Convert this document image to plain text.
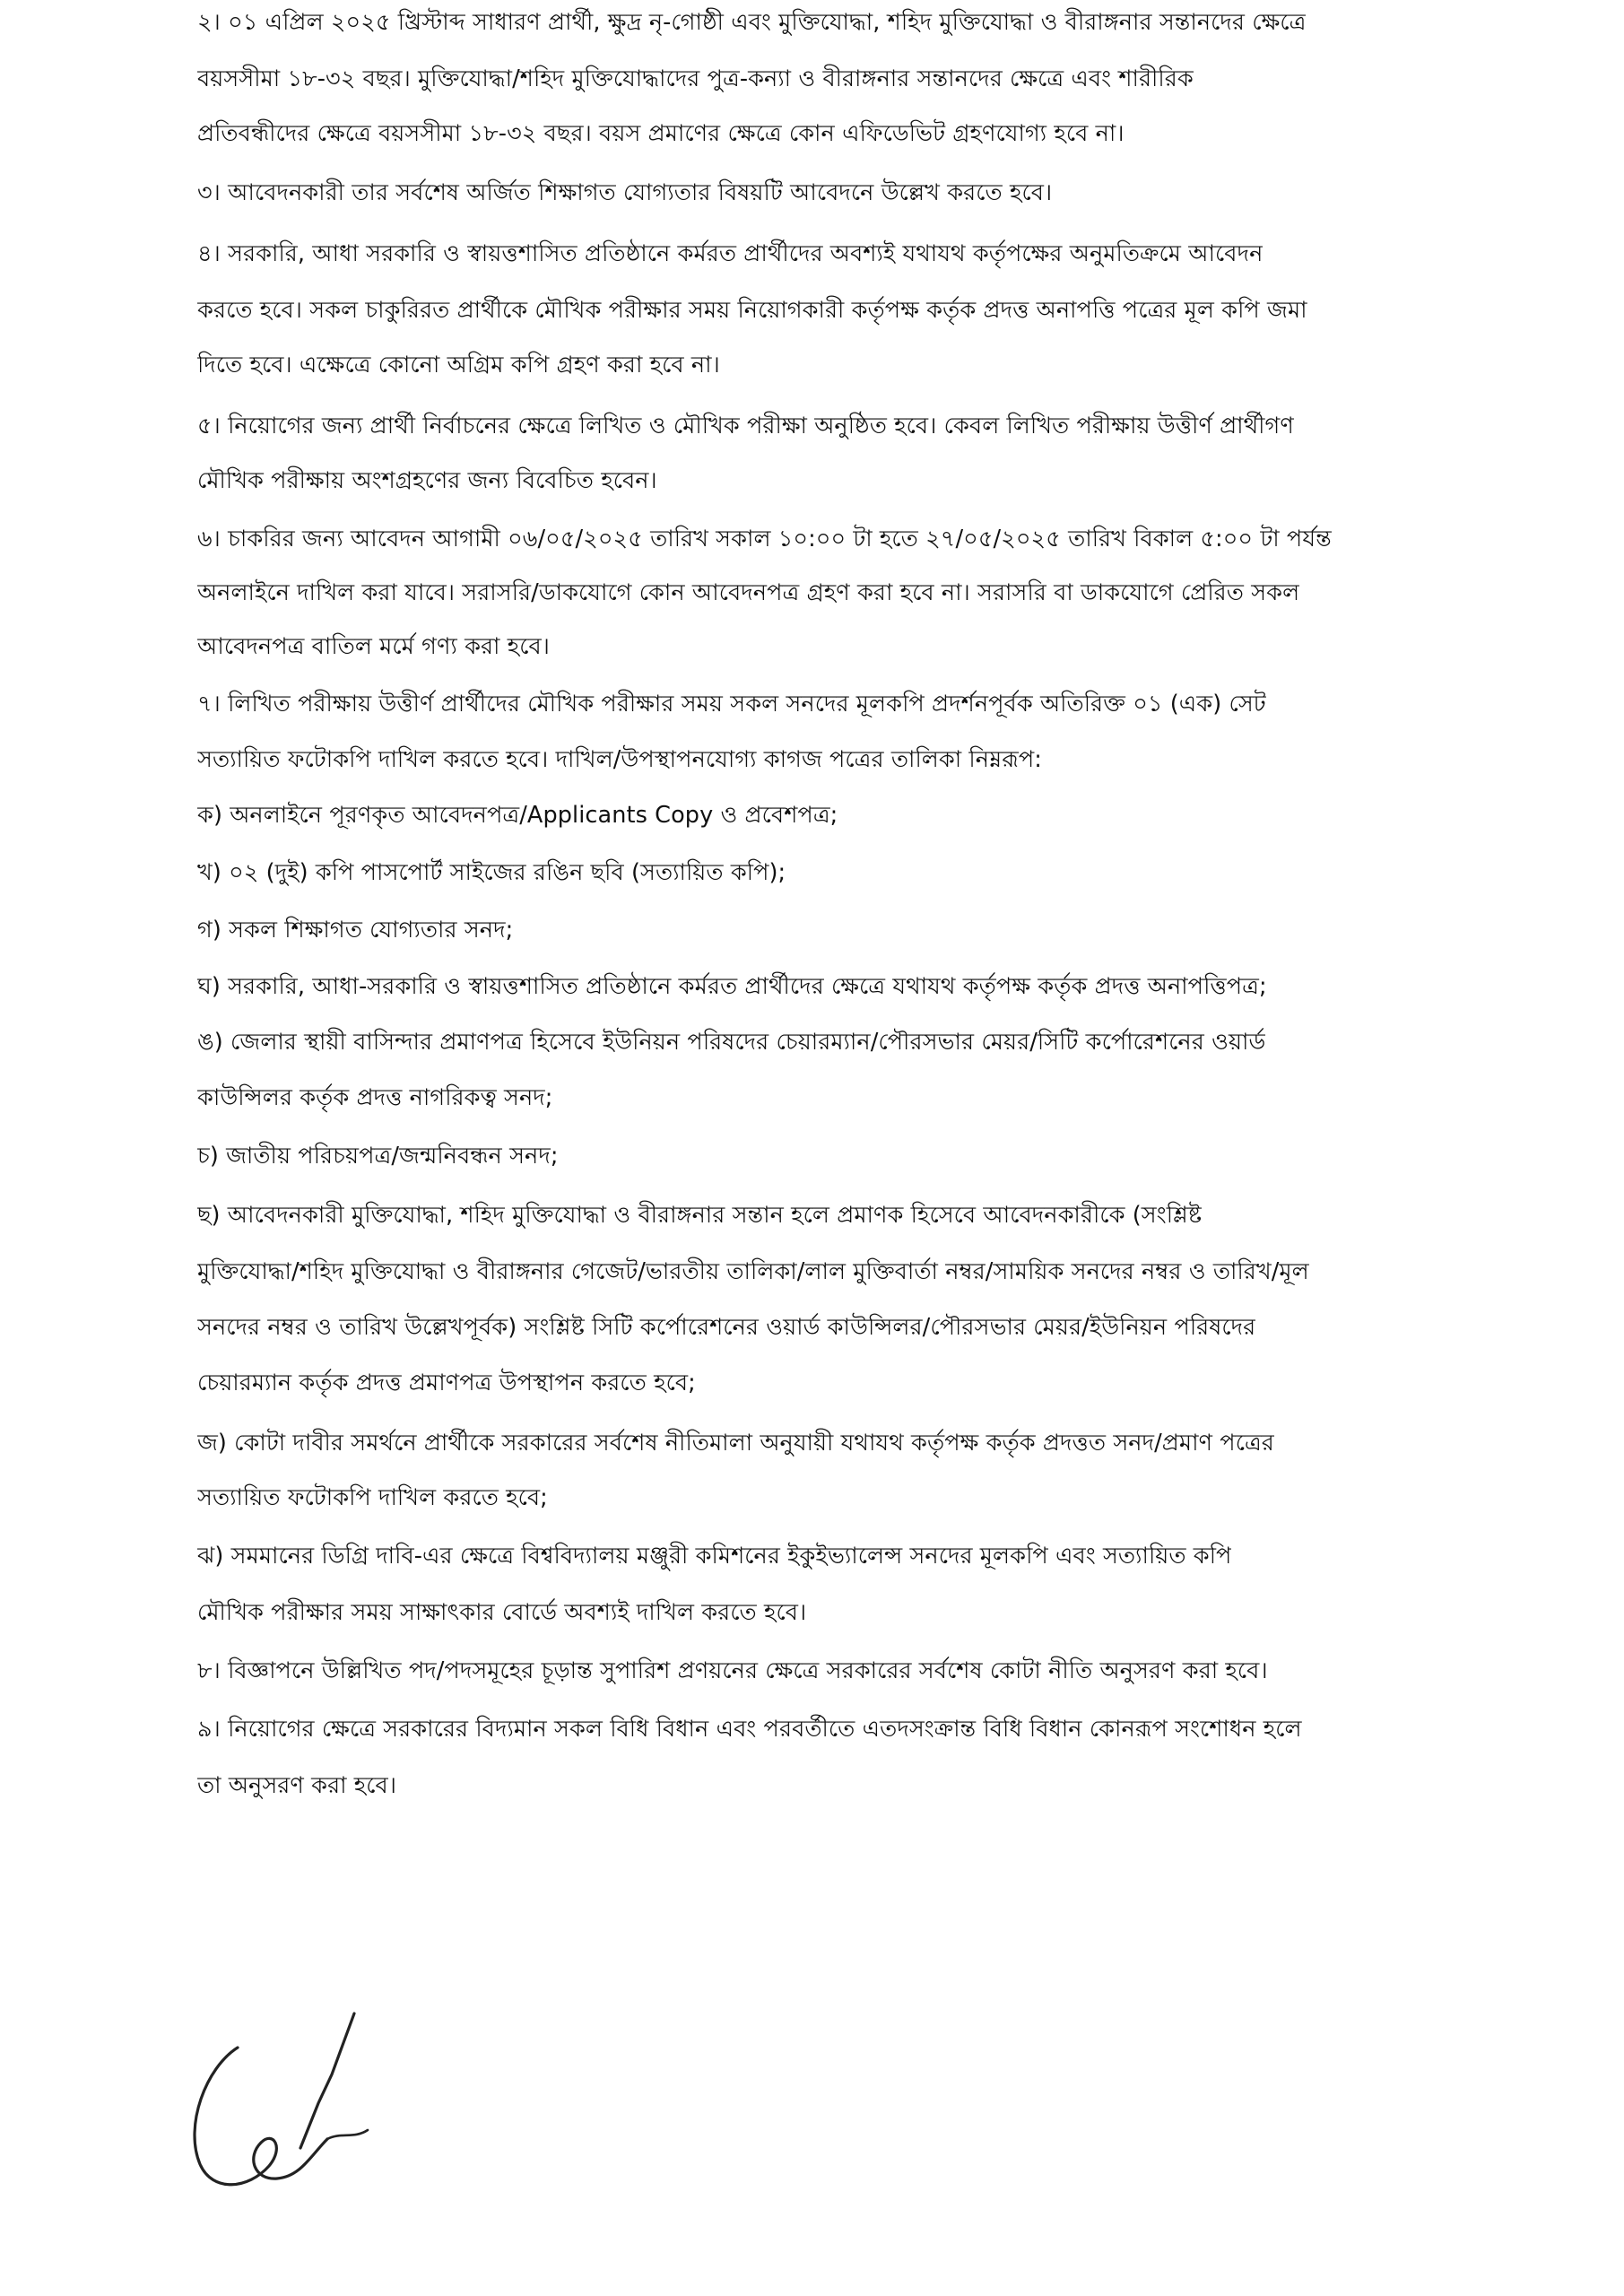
২। ০১ এপ্রিল ২০২৫ খ্রিস্টাব্দ সাধারণ প্রার্থী, ক্ষুদ্র নৃ-গোষ্ঠী এবং মুক্তিযোদ্ধা, শহিদ মুক্তিযোদ্ধা ও বীরাঙ্গনার সন্তানদের ক্ষেত্রে

বয়সসীমা ১৮-৩২ বছর। মুক্তিযোদ্ধা/শহিদ মুক্তিযোদ্ধাদের পুত্র-কন্যা ও বীরাঙ্গনার সন্তানদের ক্ষেত্রে এবং শারীরিক

প্রতিবন্ধীদের ক্ষেত্রে বয়সসীমা ১৮-৩২ বছর। বয়স প্রমাণের ক্ষেত্রে কোন এফিডেভিট গ্রহণযোগ্য হবে না।

৩। আবেদনকারী তার সর্বশেষ অর্জিত শিক্ষাগত যোগ্যতার বিষয়টি আবেদনে উল্লেখ করতে হবে।

৪। সরকারি, আধা সরকারি ও স্বায়ত্তশাসিত প্রতিষ্ঠানে কর্মরত প্রার্থীদের অবশ্যই যথাযথ কর্তৃপক্ষের অনুমতিক্রমে আবেদন

করতে হবে। সকল চাকুরিরত প্রার্থীকে মৌখিক পরীক্ষার সময় নিয়োগকারী কর্তৃপক্ষ কর্তৃক প্রদত্ত অনাপত্তি পত্রের মূল কপি জমা

দিতে হবে। এক্ষেত্রে কোনো অগ্রিম কপি গ্রহণ করা হবে না।

৫। নিয়োগের জন্য প্রার্থী নির্বাচনের ক্ষেত্রে লিখিত ও মৌখিক পরীক্ষা অনুষ্ঠিত হবে। কেবল লিখিত পরীক্ষায় উত্তীর্ণ প্রার্থীগণ

মৌখিক পরীক্ষায় অংশগ্রহণের জন্য বিবেচিত হবেন।

৬। চাকরির জন্য আবেদন আগামী ০৬/০৫/২০২৫ তারিখ সকাল ১০:০০ টা হতে ২৭/০৫/২০২৫ তারিখ বিকাল ৫:০০ টা পর্যন্ত

অনলাইনে দাখিল করা যাবে। সরাসরি/ডাকযোগে কোন আবেদনপত্র গ্রহণ করা হবে না। সরাসরি বা ডাকযোগে প্রেরিত সকল

আবেদনপত্র বাতিল মর্মে গণ্য করা হবে।

৭। লিখিত পরীক্ষায় উত্তীর্ণ প্রার্থীদের মৌখিক পরীক্ষার সময় সকল সনদের মূলকপি প্রদর্শনপূর্বক অতিরিক্ত ০১ (এক) সেট

সত্যায়িত ফটোকপি দাখিল করতে হবে। দাখিল/উপস্থাপনযোগ্য কাগজ পত্রের তালিকা নিম্নরূপ:

ক) অনলাইনে পূরণকৃত আবেদনপত্র/Applicants Copy ও প্রবেশপত্র;

খ) ০২ (দুই) কপি পাসপোর্ট সাইজের রঙিন ছবি (সত্যায়িত কপি);

গ) সকল শিক্ষাগত যোগ্যতার সনদ;

ঘ) সরকারি, আধা-সরকারি ও স্বায়ত্তশাসিত প্রতিষ্ঠানে কর্মরত প্রার্থীদের ক্ষেত্রে যথাযথ কর্তৃপক্ষ কর্তৃক প্রদত্ত অনাপত্তিপত্র;

ঙ) জেলার স্থায়ী বাসিন্দার প্রমাণপত্র হিসেবে ইউনিয়ন পরিষদের চেয়ারম্যান/পৌরসভার মেয়র/সিটি কর্পোরেশনের ওয়ার্ড

কাউন্সিলর কর্তৃক প্রদত্ত নাগরিকত্ব সনদ;

চ) জাতীয় পরিচয়পত্র/জন্মনিবন্ধন সনদ;

ছ) আবেদনকারী মুক্তিযোদ্ধা, শহিদ মুক্তিযোদ্ধা ও বীরাঙ্গনার সন্তান হলে প্রমাণক হিসেবে আবেদনকারীকে (সংশ্লিষ্ট

মুক্তিযোদ্ধা/শহিদ মুক্তিযোদ্ধা ও বীরাঙ্গনার গেজেট/ভারতীয় তালিকা/লাল মুক্তিবার্তা নম্বর/সাময়িক সনদের নম্বর ও তারিখ/মূল

সনদের নম্বর ও তারিখ উল্লেখপূর্বক) সংশ্লিষ্ট সিটি কর্পোরেশনের ওয়ার্ড কাউন্সিলর/পৌরসভার মেয়র/ইউনিয়ন পরিষদের

চেয়ারম্যান কর্তৃক প্রদত্ত প্রমাণপত্র উপস্থাপন করতে হবে;

জ) কোটা দাবীর সমর্থনে প্রার্থীকে সরকারের সর্বশেষ নীতিমালা অনুযায়ী যথাযথ কর্তৃপক্ষ কর্তৃক প্রদত্তত সনদ/প্রমাণ পত্রের

সত্যায়িত ফটোকপি দাখিল করতে হবে;

ঝ) সমমানের ডিগ্রি দাবি-এর ক্ষেত্রে বিশ্ববিদ্যালয় মঞ্জুরী কমিশনের ইকুইভ্যালেন্স সনদের মূলকপি এবং সত্যায়িত কপি

মৌখিক পরীক্ষার সময় সাক্ষাৎকার বোর্ডে অবশ্যই দাখিল করতে হবে।

৮। বিজ্ঞাপনে উল্লিখিত পদ/পদসমূহের চূড়ান্ত সুপারিশ প্রণয়নের ক্ষেত্রে সরকারের সর্বশেষ কোটা নীতি অনুসরণ করা হবে।

৯। নিয়োগের ক্ষেত্রে সরকারের বিদ্যমান সকল বিধি বিধান এবং পরবর্তীতে এতদসংক্রান্ত বিধি বিধান কোনরূপ সংশোধন হলে

তা অনুসরণ করা হবে।
